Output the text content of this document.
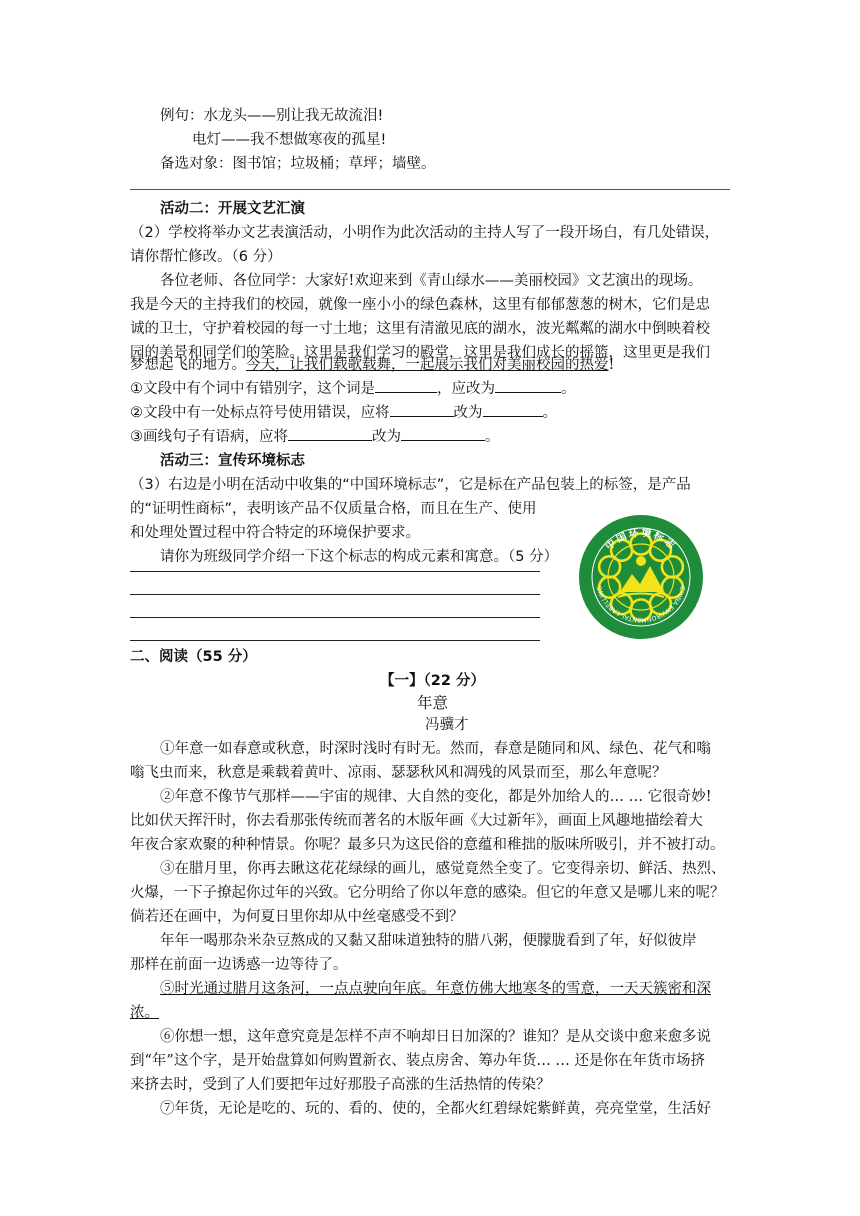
例句：水龙头——别让我无故流泪!
电灯——我不想做寒夜的孤星!
备选对象：图书馆；垃圾桶；草坪；墙壁。
活动二：开展文艺汇演
（2）学校将举办文艺表演活动，小明作为此次活动的主持人写了一段开场白，有几处错误，
请你帮忙修改。（6 分）
各位老师、各位同学：大家好!欢迎来到《青山绿水——美丽校园》文艺演出的现场。
我是今天的主持我们的校园，就像一座小小的绿色森林，这里有郁郁葱葱的树木，它们是忠
诚的卫士，守护着校园的每一寸土地；这里有清澈见底的湖水，波光粼粼的湖水中倒映着校
园的美景和同学们的笑脸。这里是我们学习的殿堂，这里是我们成长的摇篮，这里更是我们
梦想起飞的地方。今天，让我们载歌载舞，一起展示我们对美丽校园的热爱!
①文段中有个词中有错别字，这个词是	，应改为	。
②文段中有一处标点符号使用错误，应将	改为	。
③画线句子有语病，应将	改为	。
活动三：宣传环境标志
（3）右边是小明在活动中收集的“中国环境标志”，它是标在产品包装上的标签，是产品
的“证明性商标”，表明该产品不仅质量合格，而且在生产、使用
和处理处置过程中符合特定的环境保护要求。
请你为班级同学介绍一下这个标志的构成元素和寓意。（5 分）
中国环境标志
CHINA ENVIRONMENTAL LABELLING
二、阅读（55 分）
【一】（22 分）
年意
冯骥才
①年意一如春意或秋意，时深时浅时有时无。然而，春意是随同和风、绿色、花气和嗡
嗡飞虫而来，秋意是乘载着黄叶、凉雨、瑟瑟秋风和凋残的风景而至，那么年意呢？
②年意不像节气那样——宇宙的规律、大自然的变化，都是外加给人的… … 它很奇妙!
比如伏天挥汗时，你去看那张传统而著名的木版年画《大过新年》，画面上风趣地描绘着大
年夜合家欢聚的种种情景。你呢？最多只为这民俗的意蕴和稚拙的版味所吸引，并不被打动。
③在腊月里，你再去瞅这花花绿绿的画儿，感觉竟然全变了。它变得亲切、鲜活、热烈、
火爆，一下子撩起你过年的兴致。它分明给了你以年意的感染。但它的年意又是哪儿来的呢？
倘若还在画中，为何夏日里你却从中丝毫感受不到？
年年一喝那杂米杂豆熬成的又黏又甜味道独特的腊八粥，便朦胧看到了年，好似彼岸
那样在前面一边诱惑一边等待了。
⑤时光通过腊月这条河，一点点驶向年底。年意仿佛大地寒冬的雪意，一天天簇密和深
浓。
⑥你想一想，这年意究竟是怎样不声不响却日日加深的？谁知？是从交谈中愈来愈多说
到“年”这个字，是开始盘算如何购置新衣、装点房舍、筹办年货… … 还是你在年货市场挤
来挤去时，受到了人们要把年过好那股子高涨的生活热情的传染？
⑦年货，无论是吃的、玩的、看的、使的，全都火红碧绿姹紫鲜黄，亮亮堂堂，生活好
